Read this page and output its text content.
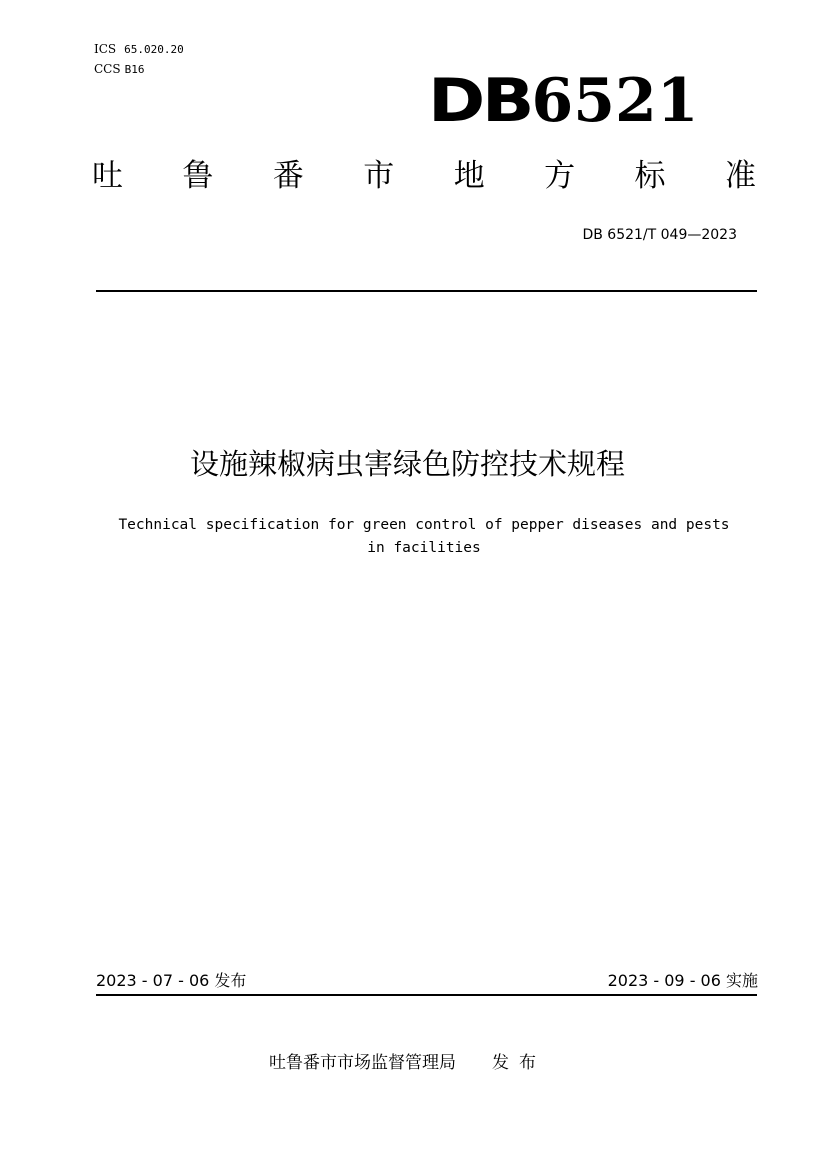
ICS 65.020.20
CCS B16	DB6521
吐 鲁 番 市 地 方 标 准
DB 6521/T 049—2023
设施辣椒病虫害绿色防控技术规程
Technical specification for green control of pepper diseases and pests
in facilities
2023 - 07 - 06 发布	2023 - 09 - 06 实施
吐鲁番市市场监督管理局 发布
